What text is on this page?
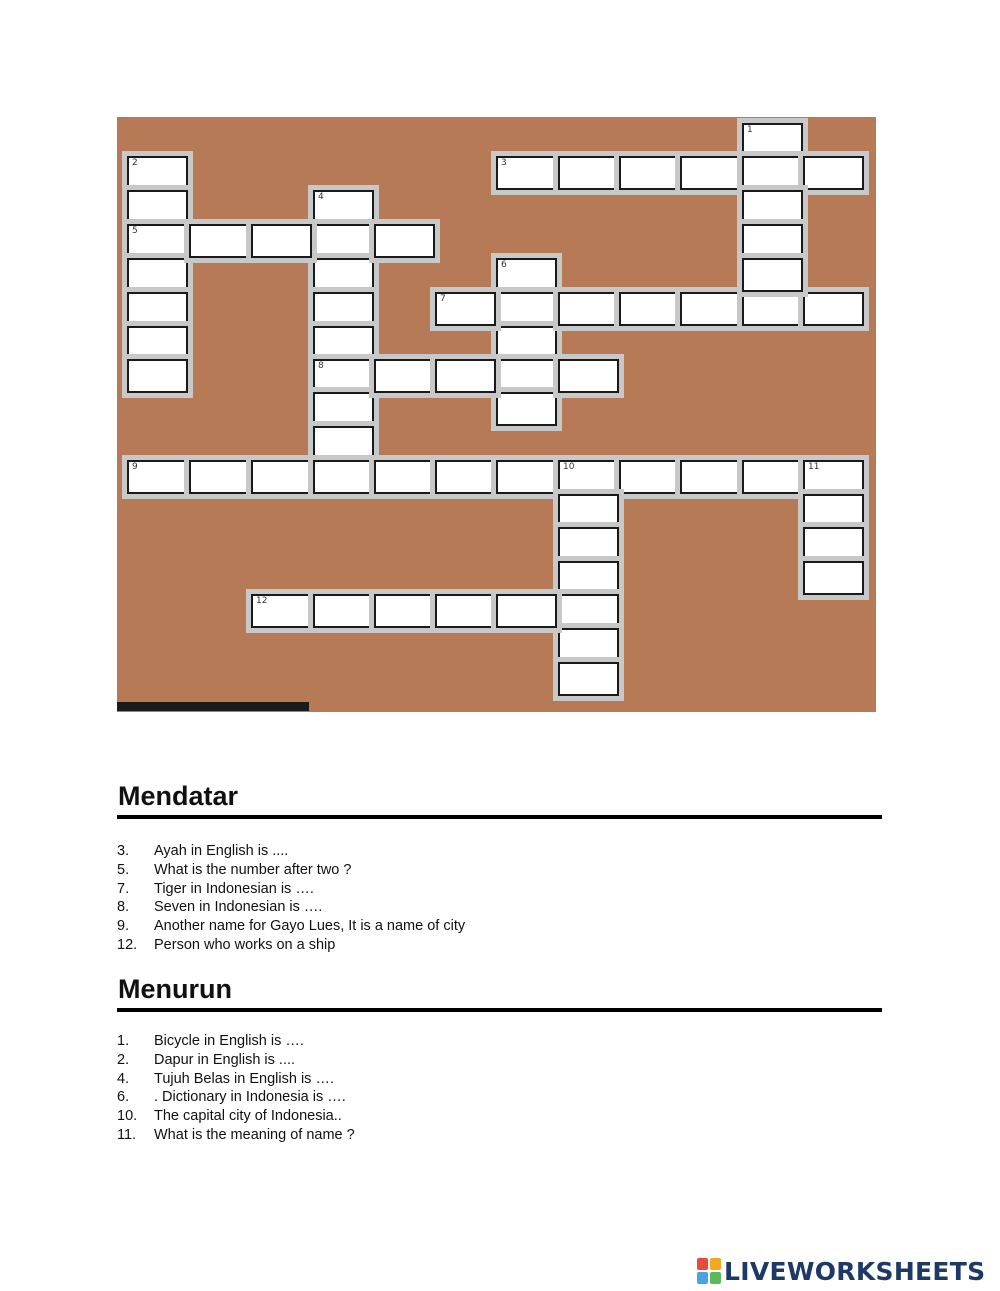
1
2
5
3
4
8
6
7
9	10	11
12
Mendatar
3. Ayah in English is ....
5. What is the number after two ?
7. Tiger in Indonesian is ….
8. Seven in Indonesian is ….
9. Another name for Gayo Lues, It is a name of city
12. Person who works on a ship
Menurun
1. Bicycle in English is ….
2. Dapur in English is ....
4. Tujuh Belas in English is ….
6. . Dictionary in Indonesia is ….
10. The capital city of Indonesia..
11. What is the meaning of name ?
LIVEWORKSHEETS
